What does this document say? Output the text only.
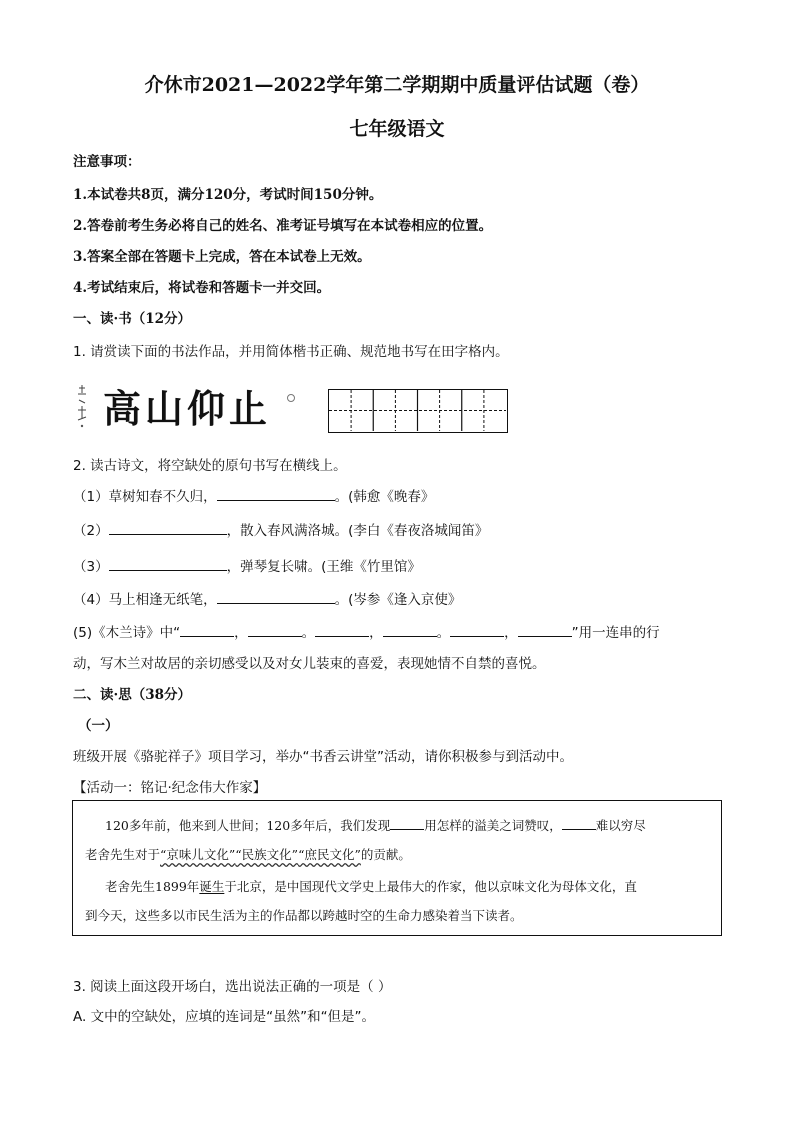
介休市2021—2022学年第二学期期中质量评估试题（卷）
七年级语文
注意事项：
1.本试卷共8页，满分120分，考试时间150分钟。
2.答卷前考生务必将自己的姓名、准考证号填写在本试卷相应的位置。
3.答案全部在答题卡上完成，答在本试卷上无效。
4.考试结束后，将试卷和答题卡一并交回。
一、读·书（12分）
1. 请赏读下面的书法作品，并用简体楷书正确、规范地书写在田字格内。
高山仰止
2. 读古诗文，将空缺处的原句书写在横线上。
（1）草树知春不久归，	。(韩愈《晚春》
（2）	，散入春风满洛城。(李白《春夜洛城闻笛》
（3）	，弹琴复长啸。(王维《竹里馆》
（4）马上相逢无纸笔，	。(岑参《逢入京使》
(5)《木兰诗》中“	，	。	，	。	，	”用一连串的行
动，写木兰对故居的亲切感受以及对女儿装束的喜爱，表现她情不自禁的喜悦。
二、读·思（38分）
（一）
班级开展《骆驼祥子》项目学习，举办“书香云讲堂”活动，请你积极参与到活动中。
【活动一：铭记·纪念伟大作家】
120多年前，他来到人世间；120多年后，我们发现	用怎样的溢美之词赞叹，	难以穷尽
老舍先生对于“京味儿文化”“民族文化”“庶民文化”的贡献。
老舍先生1899年诞生于北京，是中国现代文学史上最伟大的作家，他以京味文化为母体文化，直
到今天，这些多以市民生活为主的作品都以跨越时空的生命力感染着当下读者。
3. 阅读上面这段开场白，选出说法正确的一项是（ ）
A. 文中的空缺处，应填的连词是“虽然”和“但是”。
